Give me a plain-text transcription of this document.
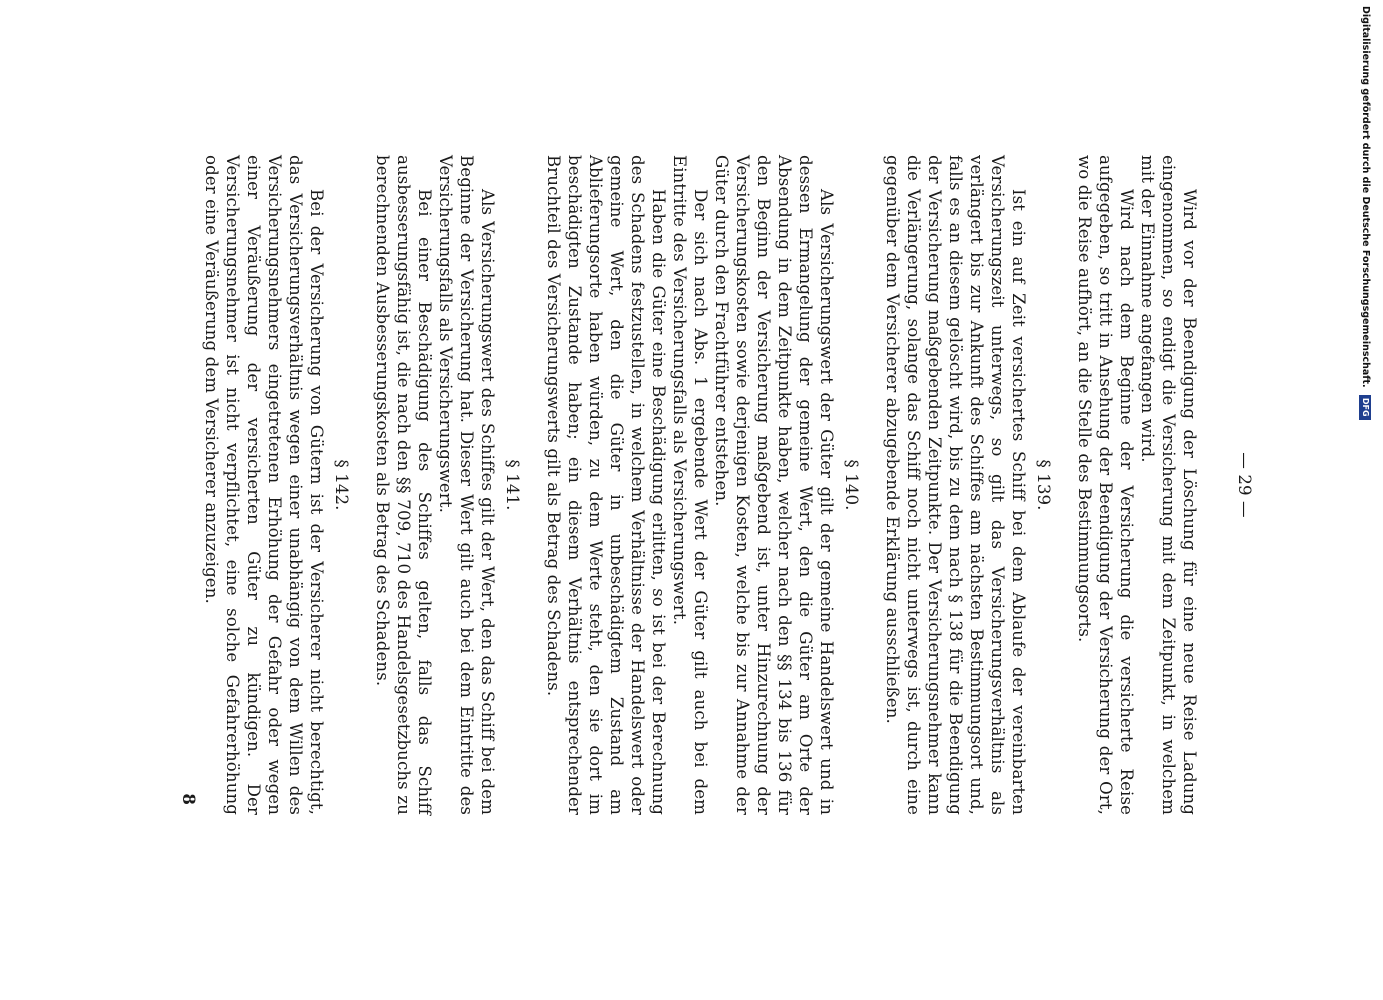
— 29 —

Wird vor der Beendigung der Löschung für eine neue Reise Ladung eingenommen, so endigt die Versicherung mit dem Zeitpunkt, in welchem mit der Einnahme angefangen wird.

Wird nach dem Beginne der Versicherung die versicherte Reise aufgegeben, so tritt in Ansehung der Beendigung der Versicherung der Ort, wo die Reise aufhört, an die Stelle des Bestimmungsorts.

§ 139.

Ist ein auf Zeit versichertes Schiff bei dem Ablaufe der vereinbarten Versicherungszeit unterwegs, so gilt das Versicherungsverhältnis als verlängert bis zur Ankunft des Schiffes am nächsten Bestimmungsort und, falls es an diesem gelöscht wird, bis zu dem nach § 138 für die Beendigung der Versicherung maßgebenden Zeitpunkte. Der Versicherungsnehmer kann die Verlängerung, solange das Schiff noch nicht unterwegs ist, durch eine gegenüber dem Versicherer abzugebende Erklärung ausschließen.

§ 140.

Als Versicherungswert der Güter gilt der gemeine Handelswert und in dessen Ermangelung der gemeine Wert, den die Güter am Orte der Absendung in dem Zeitpunkte haben, welcher nach den §§ 134 bis 136 für den Beginn der Versicherung maßgebend ist, unter Hinzurechnung der Versicherungskosten sowie derjenigen Kosten, welche bis zur Annahme der Güter durch den Frachtführer entstehen.

Der sich nach Abs. 1 ergebende Wert der Güter gilt auch bei dem Eintritte des Versicherungsfalls als Versicherungswert.

Haben die Güter eine Beschädigung erlitten, so ist bei der Berechnung des Schadens festzustellen, in welchem Verhältnisse der Handelswert oder gemeine Wert, den die Güter in unbeschädigtem Zustand am Ablieferungsorte haben würden, zu dem Werte steht, den sie dort im beschädigten Zustande haben; ein diesem Verhältnis entsprechender Bruchteil des Versicherungswerts gilt als Betrag des Schadens.

§ 141.

Als Versicherungswert des Schiffes gilt der Wert, den das Schiff bei dem Beginne der Versicherung hat. Dieser Wert gilt auch bei dem Eintritte des Versicherungsfalls als Versicherungswert.

Bei einer Beschädigung des Schiffes gelten, falls das Schiff ausbesserungsfähig ist, die nach den §§ 709, 710 des Handelsgesetzbuchs zu berechnenden Ausbesserungskosten als Betrag des Schadens.

§ 142.

Bei der Versicherung von Gütern ist der Versicherer nicht berechtigt, das Versicherungsverhältnis wegen einer unabhängig von dem Willen des Versicherungsnehmers eingetretenen Erhöhung der Gefahr oder wegen einer Veräußerung der versicherten Güter zu kündigen. Der Versicherungsnehmer ist nicht verpflichtet, eine solche Gefahrerhöhung oder eine Veräußerung dem Versicherer anzuzeigen.

8
Digitalisierung gefördert durch die Deutsche Forschungsgemeinschaft. DFG
